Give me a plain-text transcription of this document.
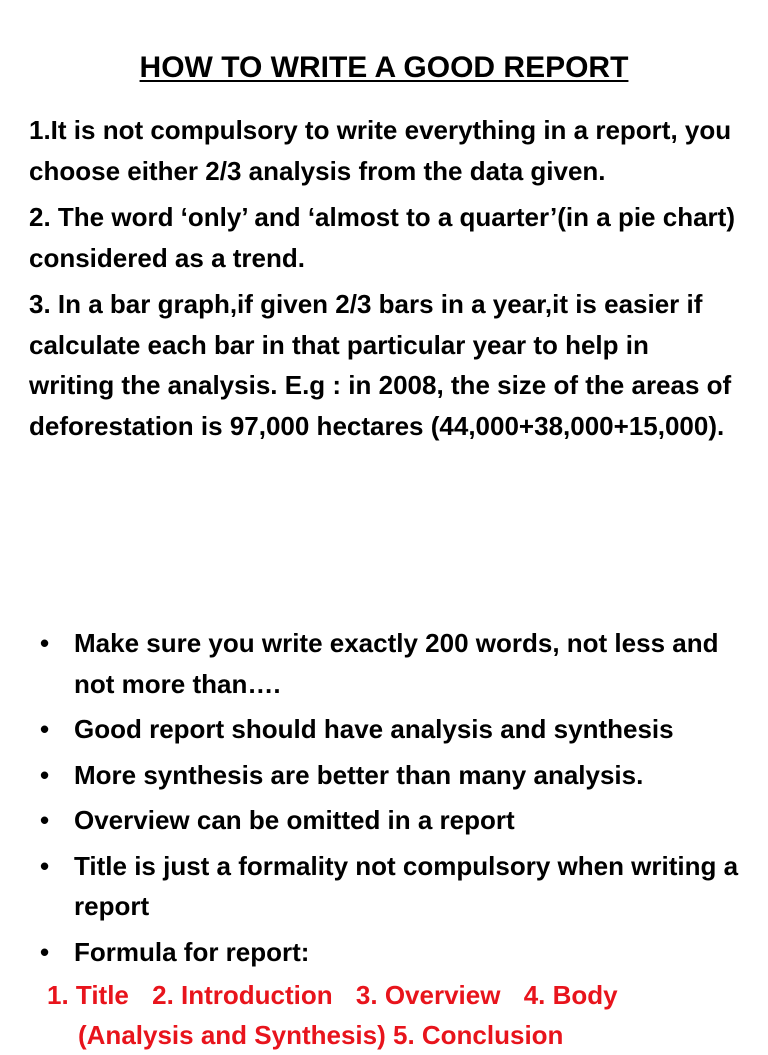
HOW TO WRITE A GOOD REPORT

1.It is not compulsory to write everything in a report, you choose either 2/3 analysis from the data given.

2. The word ‘only’ and ‘almost to a quarter’(in a pie chart) considered as a trend.

3. In a bar graph,if given 2/3 bars in a year,it is easier if calculate each bar in that particular year to help in writing the analysis. E.g : in 2008, the size of the areas of deforestation is 97,000 hectares (44,000+38,000+15,000).

• Make sure you write exactly 200 words, not less and not more than….
• Good report should have analysis and synthesis
• More synthesis are better than many analysis.
• Overview can be omitted in a report
• Title is just a formality not compulsory when writing a report
• Formula for report:
1. Title 2. Introduction 3. Overview 4. Body
(Analysis and Synthesis) 5. Conclusion
